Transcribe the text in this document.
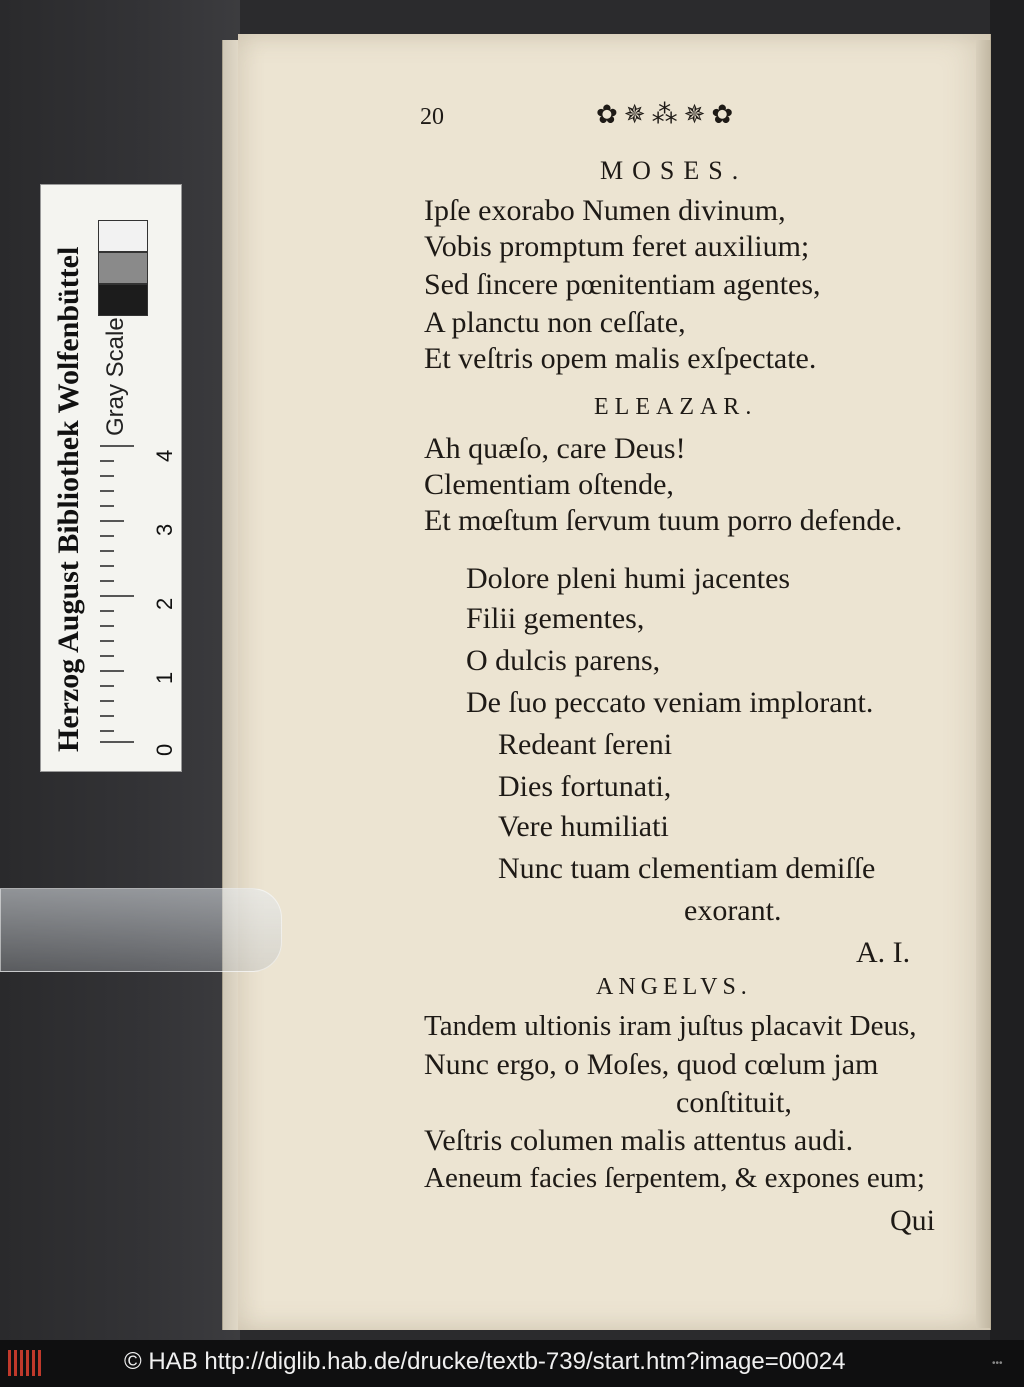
Herzog August Bibliothek Wolfenbüttel Gray Scale
4
3
2
1
0
20	✿✵⁂✵✿
MOSES.
Ipſe exorabo Numen divinum,
Vobis promptum feret auxilium;
Sed ſincere pœnitentiam agentes,
A planctu non ceſſate,
Et veſtris opem malis exſpectate.
ELEAZAR.
Ah quæſo, care Deus!
Clementiam oſtende,
Et mœſtum ſervum tuum porro defende.
Dolore pleni humi jacentes
Filii gementes,
O dulcis parens,
De ſuo peccato veniam implorant.
Redeant ſereni
Dies fortunati,
Vere humiliati
Nunc tuam clementiam demiſſe
exorant.
A. I.
ANGELVS.
Tandem ultionis iram juſtus placavit Deus,
Nunc ergo, o Moſes, quod cœlum jam
conſtituit,
Veſtris columen malis attentus audi.
Aeneum facies ſerpentem, & expones eum;
Qui
© HAB http://diglib.hab.de/drucke/textb-739/start.htm?image=00024	•••
